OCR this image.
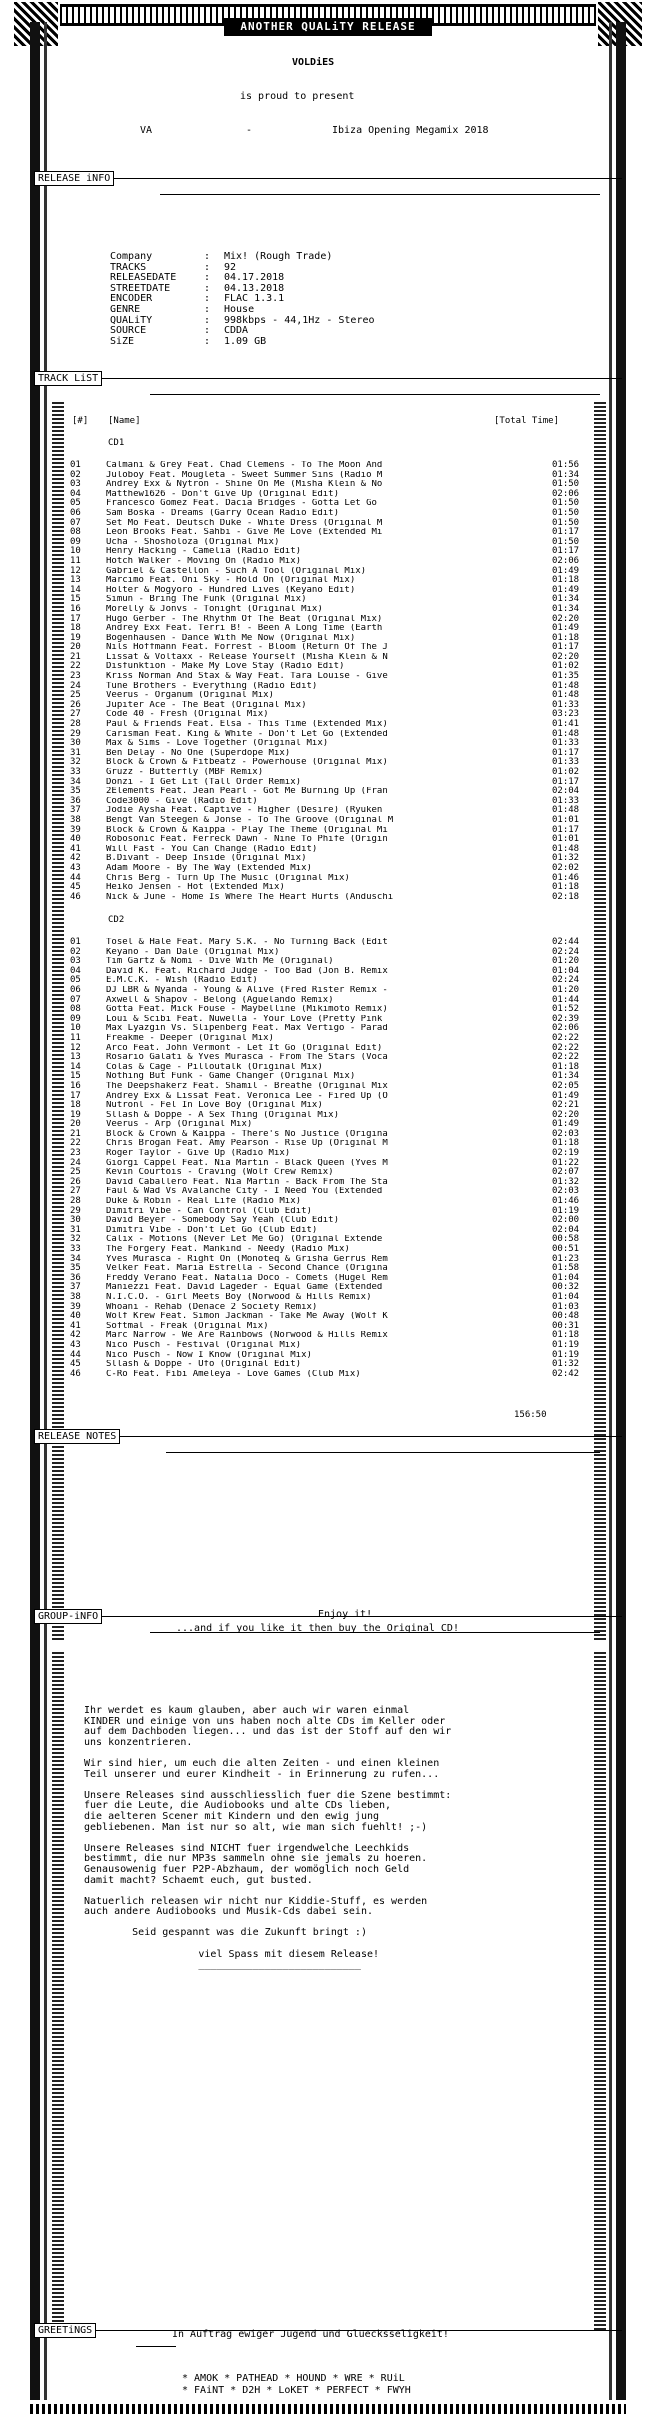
ANOTHER QUALiTY RELEASE
VOLDiES
is proud to present
VA	-	Ibiza Opening Megamix 2018
RELEASE iNFO
Company	: Mix! (Rough Trade)
TRACKS	: 92
RELEASEDATE	: 04.17.2018
STREETDATE	: 04.13.2018
ENCODER	: FLAC 1.3.1
GENRE	: House
QUALiTY	: 998kbps - 44,1Hz - Stereo
SOURCE	: CDDA
SiZE	: 1.09 GB
TRACK LiST
[#] [Name]	[Total Time]
CD1
01	Calmani & Grey Feat. Chad Clemens - To The Moon And	01:56
02	Juloboy Feat. Mougleta - Sweet Summer Sins (Radio M	01:34
03	Andrey Exx & Nytron - Shine On Me (Misha Klein & No	01:50
04	Matthew1626 - Don't Give Up (Original Edit)	02:06
05	Francesco Gomez Feat. Dacia Bridges - Gotta Let Go	01:50
06	Sam Boska - Dreams (Garry Ocean Radio Edit)	01:50
07	Set Mo Feat. Deutsch Duke - White Dress (Original M	01:50
08	Leon Brooks Feat. Sahbi - Give Me Love (Extended Mi	01:17
09	Ucha - Shosholoza (Original Mix)	01:50
10	Henry Hacking - Camelia (Radio Edit)	01:17
11	Hotch Walker - Moving On (Radio Mix)	02:06
12	Gabriel & Castellon - Such A Tool (Original Mix)	01:49
13	Marcimo Feat. Oni Sky - Hold On (Original Mix)	01:18
14	Holter & Mogyoro - Hundred Lives (Keyano Edit)	01:49
15	Simun - Bring The Funk (Original Mix)	01:34
16	Morelly & Jonvs - Tonight (Original Mix)	01:34
17	Hugo Gerber - The Rhythm Of The Beat (Original Mix)	02:20
18	Andrey Exx Feat. Terri B! - Been A Long Time (Earth	01:49
19	Bogenhausen - Dance With Me Now (Original Mix)	01:18
20	Nils Hoffmann Feat. Forrest - Bloom (Return Of The J	01:17
21	Lissat & Voltaxx - Release Yourself (Misha Klein & N	02:20
22	Disfunktion - Make My Love Stay (Radio Edit)	01:02
23	Kriss Norman And Stax & Way Feat. Tara Louise - Give	01:35
24	Tune Brothers - Everything (Radio Edit)	01:48
25	Veerus - Organum (Original Mix)	01:48
26	Jupiter Ace - The Beat (Original Mix)	01:33
27	Code 40 - Fresh (Original Mix)	03:23
28	Paul & Friends Feat. Elsa - This Time (Extended Mix)	01:41
29	Carisman Feat. King & White - Don't Let Go (Extended	01:48
30	Max & Sims - Love Together (Original Mix)	01:33
31	Ben Delay - No One (Superdope Mix)	01:17
32	Block & Crown & Fitbeatz - Powerhouse (Original Mix)	01:33
33	Gruzz - Butterfly (MBF Remix)	01:02
34	Donzi - I Get Lit (Tall Order Remix)	01:17
35	2Elements Feat. Jean Pearl - Got Me Burning Up (Fran	02:04
36	Code3000 - Give (Radio Edit)	01:33
37	Jodie Aysha Feat. Captive - Higher (Desire) (Ryuken	01:48
38	Bengt Van Steegen & Jonse - To The Groove (Original M	01:01
39	Block & Crown & Kaippa - Play The Theme (Original Mi	01:17
40	Robosonic Feat. Ferreck Dawn - Nine To Phife (Origin	01:01
41	Will Fast - You Can Change (Radio Edit)	01:48
42	B.Divant - Deep Inside (Original Mix)	01:32
43	Adam Moore - By The Way (Extended Mix)	02:02
44	Chris Berg - Turn Up The Music (Original Mix)	01:46
45	Heiko Jensen - Hot (Extended Mix)	01:18
46	Nick & June - Home Is Where The Heart Hurts (Anduschi	02:18
CD2
01	Tosel & Hale Feat. Mary S.K. - No Turning Back (Edit	02:44
02	Keyano - Dan Dale (Original Mix)	02:24
03	Tim Gartz & Nomi - Dive With Me (Original)	01:20
04	David K. Feat. Richard Judge - Too Bad (Jon B. Remix	01:04
05	E.M.C.K. - Wish (Radio Edit)	02:24
06	DJ LBR & Nyanda - Young & Alive (Fred Rister Remix -	01:20
07	Axwell & Shapov - Belong (Aguelando Remix)	01:44
08	Gotta Feat. Mick Fouse - Maybelline (Mikimoto Remix)	01:52
09	Loui & Scibi Feat. Nuwella - Your Love (Pretty Pink	02:39
10	Max Lyazgin Vs. Slipenberg Feat. Max Vertigo - Parad	02:06
11	Freakme - Deeper (Original Mix)	02:22
12	Arco Feat. John Vermont - Let It Go (Original Edit)	02:22
13	Rosario Galati & Yves Murasca - From The Stars (Voca	02:22
14	Colas & Cage - Pilloutalk (Original Mix)	01:18
15	Nothing But Funk - Game Changer (Original Mix)	01:34
16	The Deepshakerz Feat. Shamil - Breathe (Original Mix	02:05
17	Andrey Exx & Lissat Feat. Veronica Lee - Fired Up (O	01:49
18	Nutronl - Fel In Love Boy (Original Mix)	02:21
19	Sllash & Doppe - A Sex Thing (Original Mix)	02:20
20	Veerus - Arp (Original Mix)	01:49
21	Block & Crown & Kaippa - There's No Justice (Origina	02:03
22	Chris Brogan Feat. Amy Pearson - Rise Up (Original M	01:18
23	Roger Taylor - Give Up (Radio Mix)	02:19
24	Giorgi Cappel Feat. Nia Martin - Black Queen (Yves M	01:22
25	Kevin Courtois - Craving (Wolf Crew Remix)	02:07
26	David Caballero Feat. Nia Martin - Back From The Sta	01:32
27	Faul & Wad Vs Avalanche City - I Need You (Extended	02:03
28	Duke & Robin - Real Life (Radio Mix)	01:46
29	Dimitri Vibe - Can Control (Club Edit)	01:19
30	David Beyer - Somebody Say Yeah (Club Edit)	02:00
31	Dimitri Vibe - Don't Let Go (Club Edit)	02:04
32	Calix - Motions (Never Let Me Go) (Original Extende	00:58
33	The Forgery Feat. Mankind - Needy (Radio Mix)	00:51
34	Yves Murasca - Right On (Monoteq & Grisha Gerrus Rem	01:23
35	Velker Feat. Maria Estrella - Second Chance (Origina	01:58
36	Freddy Verano Feat. Natalia Doco - Comets (Hugel Rem	01:04
37	Maniezzi Feat. David Lageder - Equal Game (Extended	00:32
38	N.I.C.O. - Girl Meets Boy (Norwood & Hills Remix)	01:04
39	Whoani - Rehab (Denace 2 Society Remix)	01:03
40	Wolf Krew Feat. Simon Jackman - Take Me Away (Wolf K	00:48
41	Softmal - Freak (Original Mix)	00:31
42	Marc Narrow - We Are Rainbows (Norwood & Hills Remix	01:18
43	Nico Pusch - Festival (Original Mix)	01:19
44	Nico Pusch - Now I Know (Original Mix)	01:19
45	Sllash & Doppe - Ufo (Original Edit)	01:32
46	C-Ro Feat. Fibi Ameleya - Love Games (Club Mix)	02:42
156:50
RELEASE NOTES
GROUP-iNFO	Enjoy it!
...and if you like it then buy the Original CD!
Ihr werdet es kaum glauben, aber auch wir waren einmal
KINDER und einige von uns haben noch alte CDs im Keller oder
auf dem Dachboden liegen... und das ist der Stoff auf den wir
uns konzentrieren.
Wir sind hier, um euch die alten Zeiten - und einen kleinen
Teil unserer und eurer Kindheit - in Erinnerung zu rufen...
Unsere Releases sind ausschliesslich fuer die Szene bestimmt:
fuer die Leute, die Audiobooks und alte CDs lieben,
die aelteren Scener mit Kindern und den ewig jung
gebliebenen. Man ist nur so alt, wie man sich fuehlt! ;-)
Unsere Releases sind NICHT fuer irgendwelche Leechkids
bestimmt, die nur MP3s sammeln ohne sie jemals zu hoeren.
Genausowenig fuer P2P-Abzhaum, der womöglich noch Geld
damit macht? Schaemt euch, gut busted.
Natuerlich releasen wir nicht nur Kiddie-Stuff, es werden
auch andere Audiobooks und Musik-Cds dabei sein.
Seid gespannt was die Zukunft bringt :)
viel Spass mit diesem Release!
___________________________
GREETiNGS	In Auftrag ewiger Jugend und Gluecksseligkeit!
* AMOK * PATHEAD * HOUND * WRE * RUiL
* FAiNT * D2H * LoKET * PERFECT * FWYH
